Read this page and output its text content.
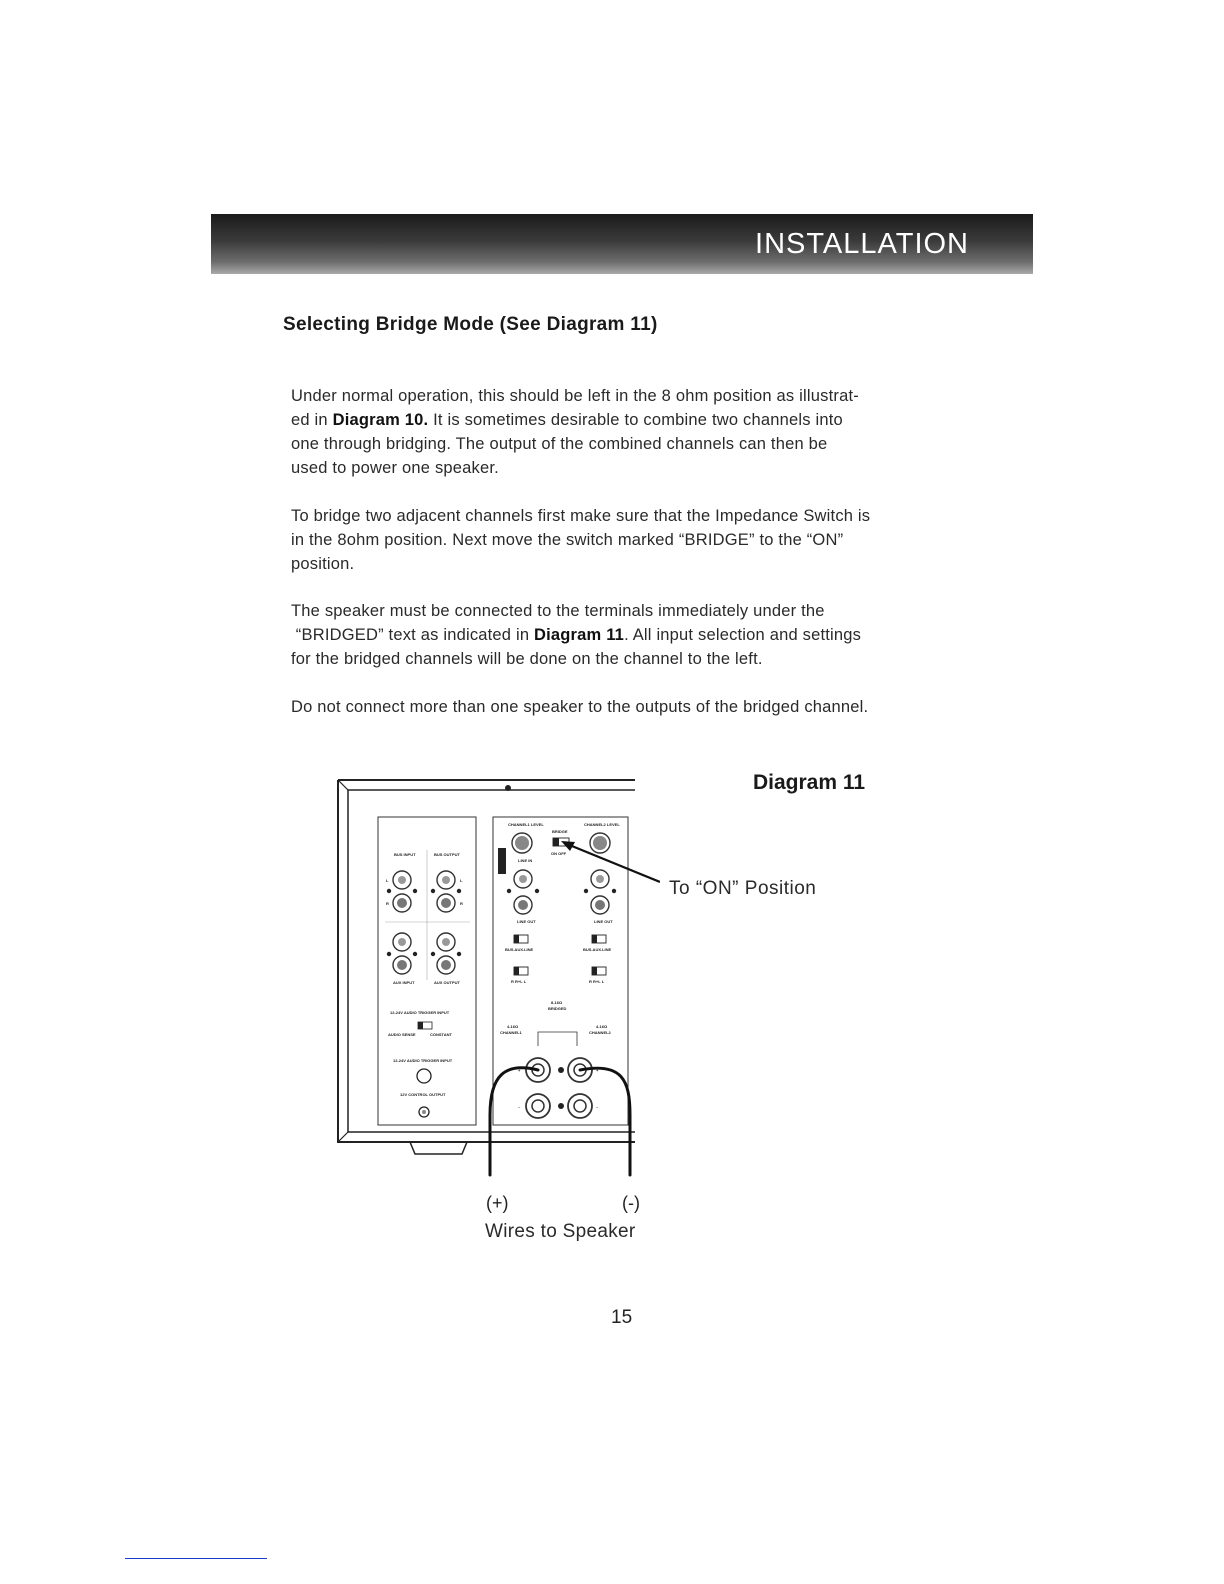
INSTALLATION
Selecting Bridge Mode (See Diagram 11)
Under normal operation, this should be left in the 8 ohm position as illustrat-
ed in Diagram 10. It is sometimes desirable to combine two channels into
one through bridging. The output of the combined channels can then be
used to power one speaker.
To bridge two adjacent channels first make sure that the Impedance Switch is
in the 8ohm position. Next move the switch marked “BRIDGE” to the “ON”
position.
The speaker must be connected to the terminals immediately under the
“BRIDGED” text as indicated in Diagram 11. All input selection and settings
for the bridged channels will be done on the channel to the left.
Do not connect more than one speaker to the outputs of the bridged channel.
Diagram 11
To “ON” Position
BUS INPUT	BUS OUTPUT
L
R
L
R
AUX INPUT	AUX OUTPUT
12-24V AUDIO TRIGGER INPUT
AUDIO SENSE	CONSTANT
12-24V AUDIO TRIGGER INPUT
12V CONTROL OUTPUT
CHANNEL1 LEVEL	CHANNEL2 LEVEL
BRIDGE
ON OFF
LINE IN
LINE OUT	LINE OUT
BUS.AUX.LINE	BUS.AUX.LINE
R R+L L	R R+L L
8-16Ω
BRIDGED
4-16Ω
CHANNEL1
4-16Ω
CHANNEL2
+	+
–	–
(+)	(-)
Wires to Speaker
15
